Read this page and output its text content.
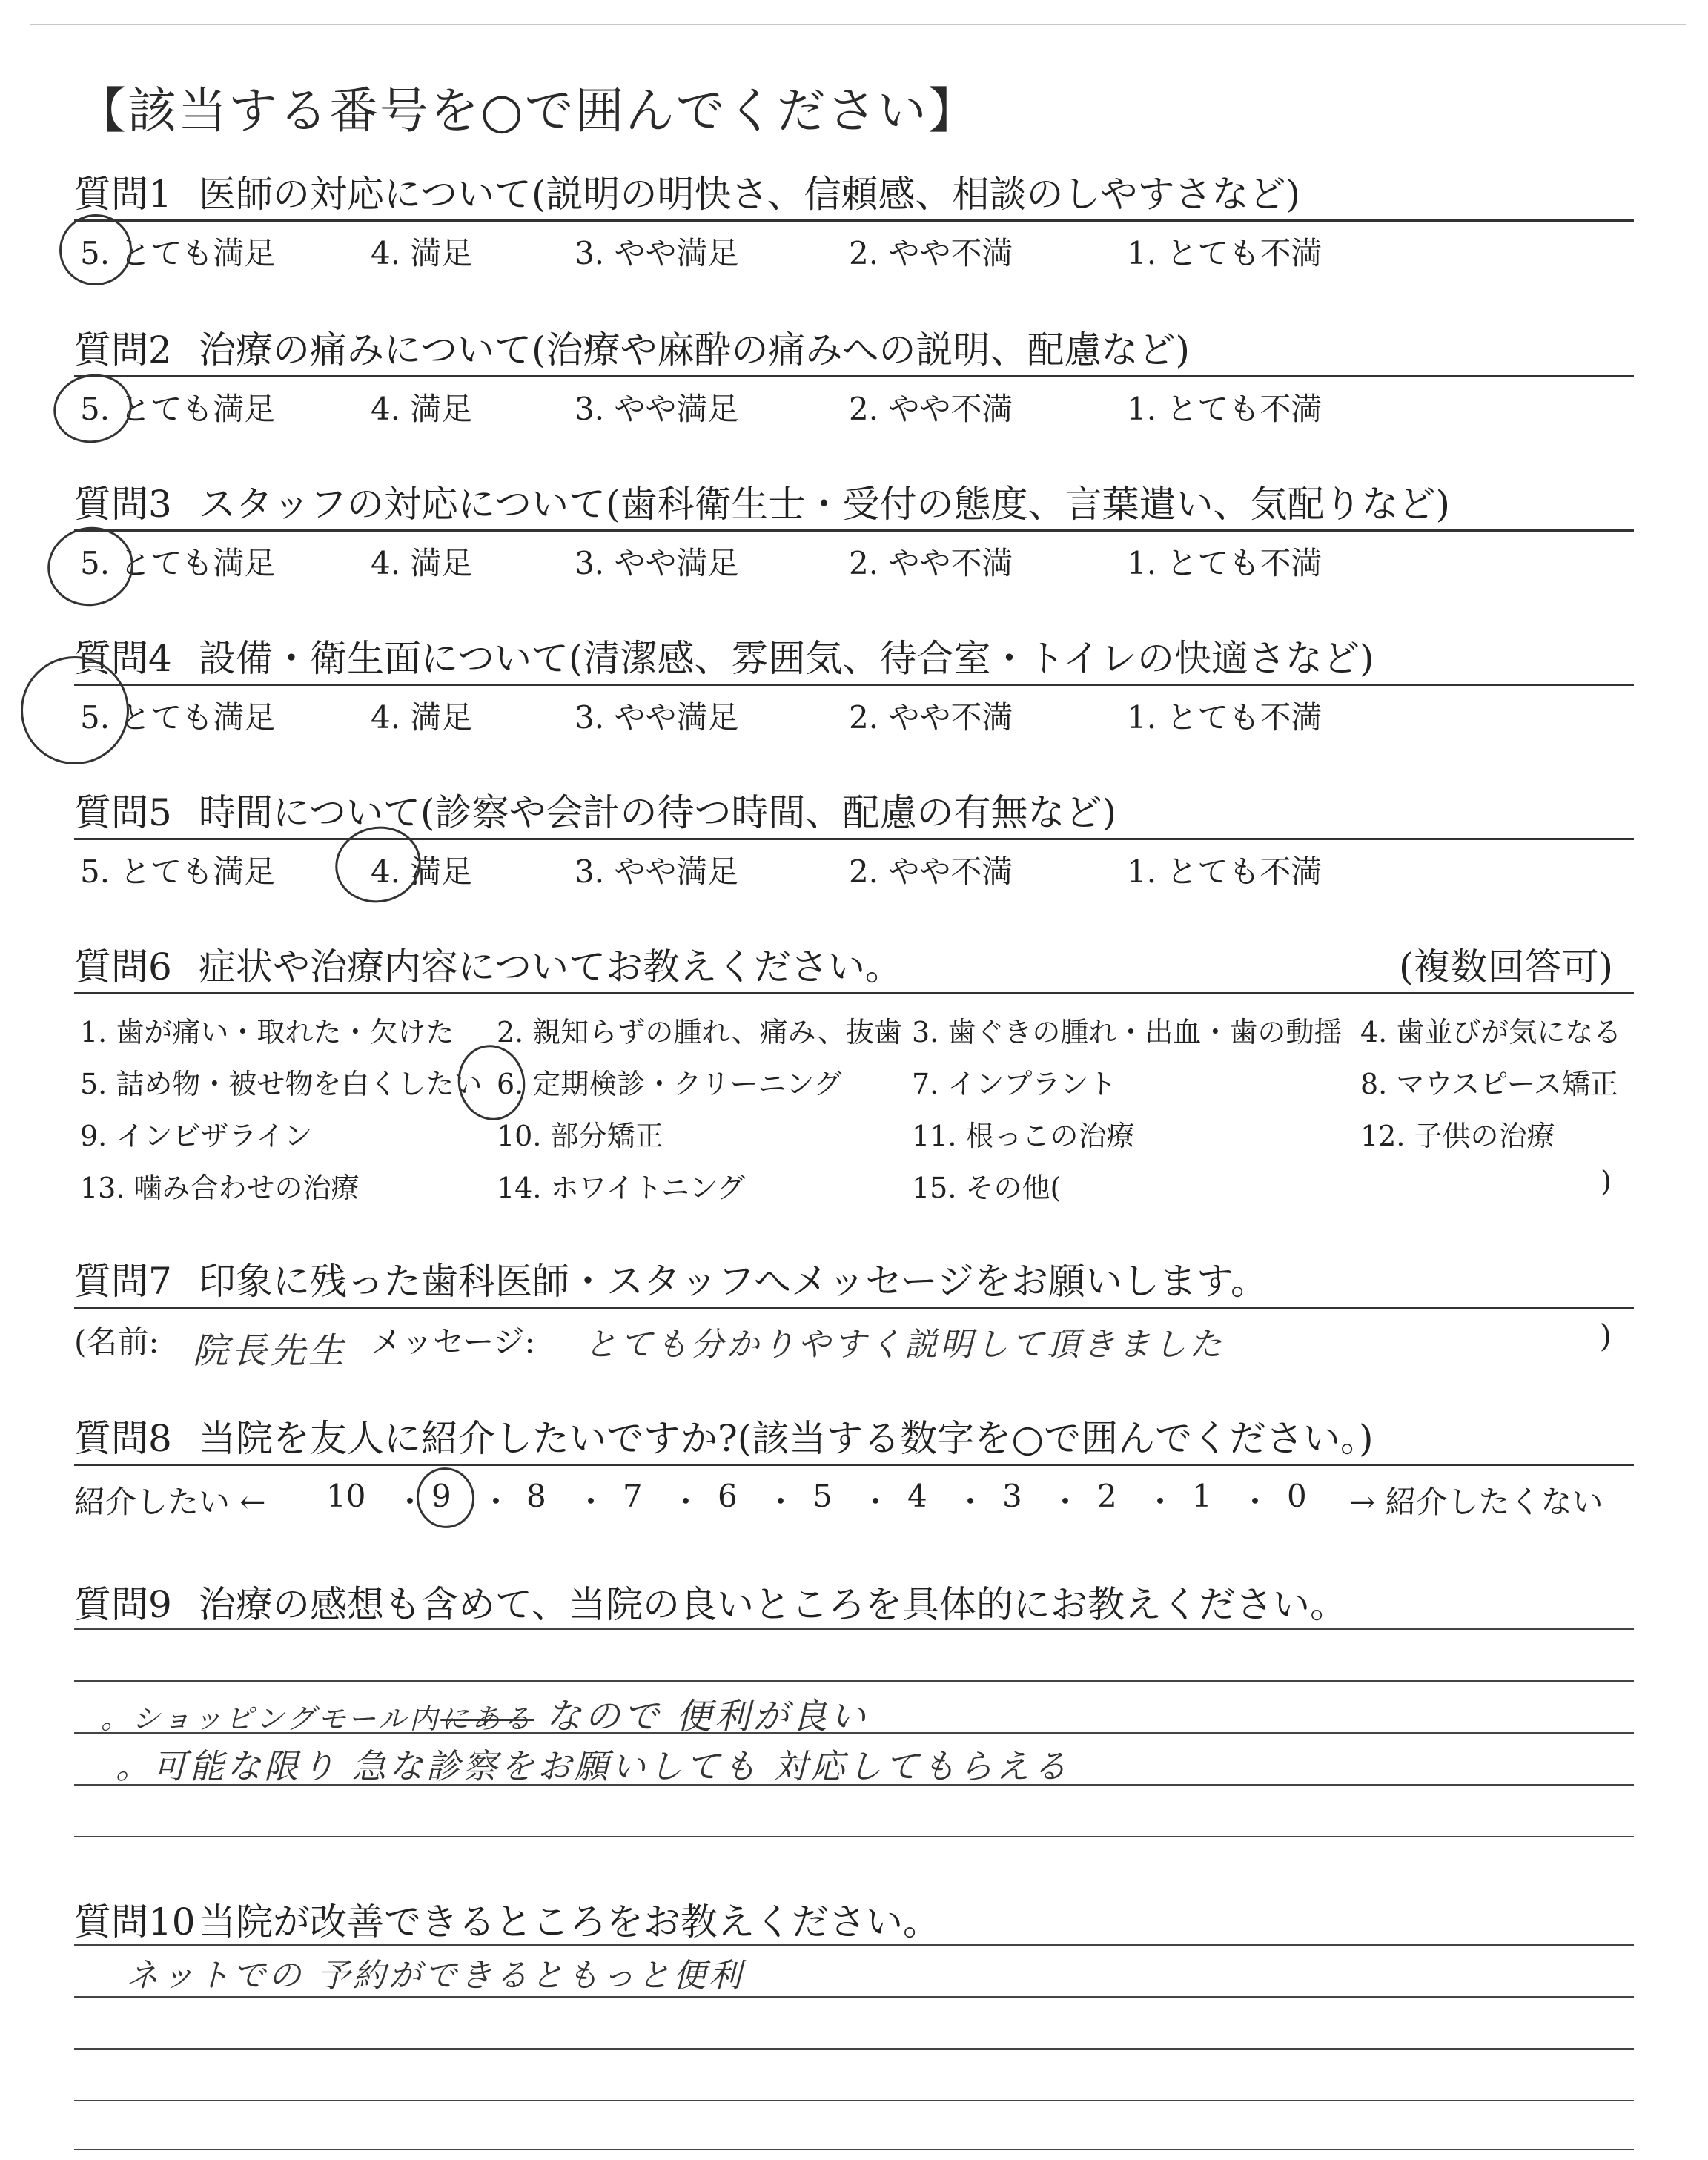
【該当する番号を○で囲んでください】
質問1 医師の対応について(説明の明快さ、信頼感、相談のしやすさなど)
5. とても満足	4. 満足	3. やや満足	2. やや不満	1. とても不満
質問2 治療の痛みについて(治療や麻酔の痛みへの説明、配慮など)
5. とても満足	4. 満足	3. やや満足	2. やや不満	1. とても不満
質問3 スタッフの対応について(歯科衛生士・受付の態度、言葉遣い、気配りなど)
5. とても満足	4. 満足	3. やや満足	2. やや不満	1. とても不満
質問4 設備・衛生面について(清潔感、雰囲気、待合室・トイレの快適さなど)
5. とても満足	4. 満足	3. やや満足	2. やや不満	1. とても不満
質問5 時間について(診察や会計の待つ時間、配慮の有無など)
5. とても満足	4. 満足	3. やや満足	2. やや不満	1. とても不満
質問6 症状や治療内容についてお教えください。	(複数回答可)
1. 歯が痛い・取れた・欠けた 2. 親知らずの腫れ、痛み、抜歯 3. 歯ぐきの腫れ・出血・歯の動揺 4. 歯並びが気になる
5. 詰め物・被せ物を白くしたい 6. 定期検診・クリーニング 7. インプラント	8. マウスピース矯正
9. インビザライン	10. 部分矯正	11. 根っこの治療	12. 子供の治療
13. 噛み合わせの治療	14. ホワイトニング	15. その他(	)
質問7 印象に残った歯科医師・スタッフへメッセージをお願いします。
(名前: 院長先生 メッセージ: とても分かりやすく説明して頂きました	)
質問8 当院を友人に紹介したいですか?(該当する数字を○で囲んでください。)
紹介したい ← 10 ・ 9 ・ 8 ・ 7 ・ 6 ・ 5 ・ 4 ・ 3 ・ 2 ・ 1 ・ 0 → 紹介したくない
質問9 治療の感想も含めて、当院の良いところを具体的にお教えください。
。ショッピングモール内にある なので 便利が良い
。可能な限り 急な診察をお願いしても 対応してもらえる
質問10当院が改善できるところをお教えください。
ネットでの 予約ができるともっと便利
